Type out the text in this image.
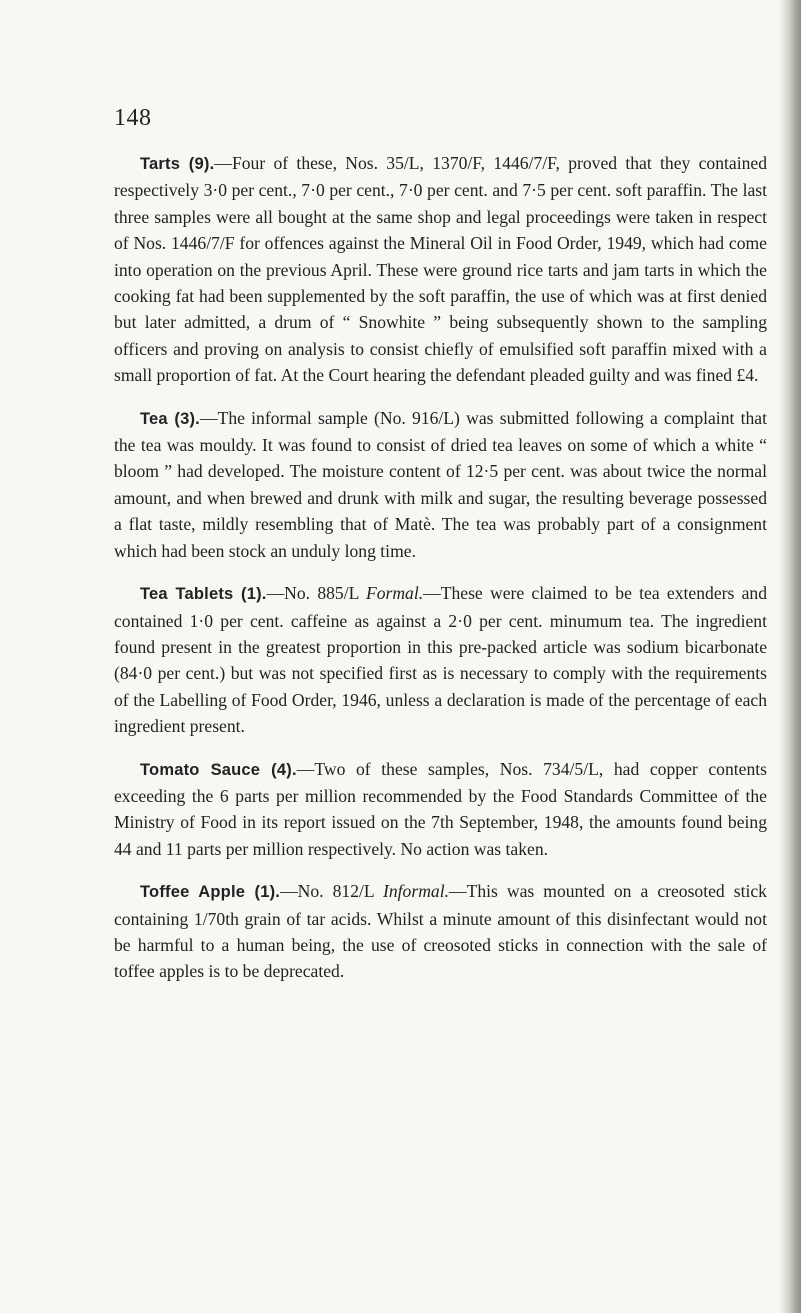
148

Tarts (9).—Four of these, Nos. 35/L, 1370/F, 1446/7/F, proved that they contained respectively 3·0 per cent., 7·0 per cent., 7·0 per cent. and 7·5 per cent. soft paraffin. The last three samples were all bought at the same shop and legal proceedings were taken in respect of Nos. 1446/7/F for offences against the Mineral Oil in Food Order, 1949, which had come into operation on the previous April. These were ground rice tarts and jam tarts in which the cooking fat had been supplemented by the soft paraffin, the use of which was at first denied but later admitted, a drum of “ Snowhite ” being subsequently shown to the sampling officers and proving on analysis to consist chiefly of emulsified soft paraffin mixed with a small proportion of fat. At the Court hearing the defendant pleaded guilty and was fined £4.

Tea (3).—The informal sample (No. 916/L) was submitted following a complaint that the tea was mouldy. It was found to consist of dried tea leaves on some of which a white “ bloom ” had developed. The moisture content of 12·5 per cent. was about twice the normal amount, and when brewed and drunk with milk and sugar, the resulting beverage possessed a flat taste, mildly resembling that of Matè. The tea was probably part of a consignment which had been stock an unduly long time.

Tea Tablets (1).—No. 885/L Formal.—These were claimed to be tea extenders and contained 1·0 per cent. caffeine as against a 2·0 per cent. minumum tea. The ingredient found present in the greatest proportion in this pre-packed article was sodium bicarbonate (84·0 per cent.) but was not specified first as is necessary to comply with the requirements of the Labelling of Food Order, 1946, unless a declaration is made of the percentage of each ingredient present.

Tomato Sauce (4).—Two of these samples, Nos. 734/5/L, had copper contents exceeding the 6 parts per million recommended by the Food Standards Committee of the Ministry of Food in its report issued on the 7th September, 1948, the amounts found being 44 and 11 parts per million respectively. No action was taken.

Toffee Apple (1).—No. 812/L Informal.—This was mounted on a creosoted stick containing 1/70th grain of tar acids. Whilst a minute amount of this disinfectant would not be harmful to a human being, the use of creosoted sticks in connection with the sale of toffee apples is to be deprecated.
